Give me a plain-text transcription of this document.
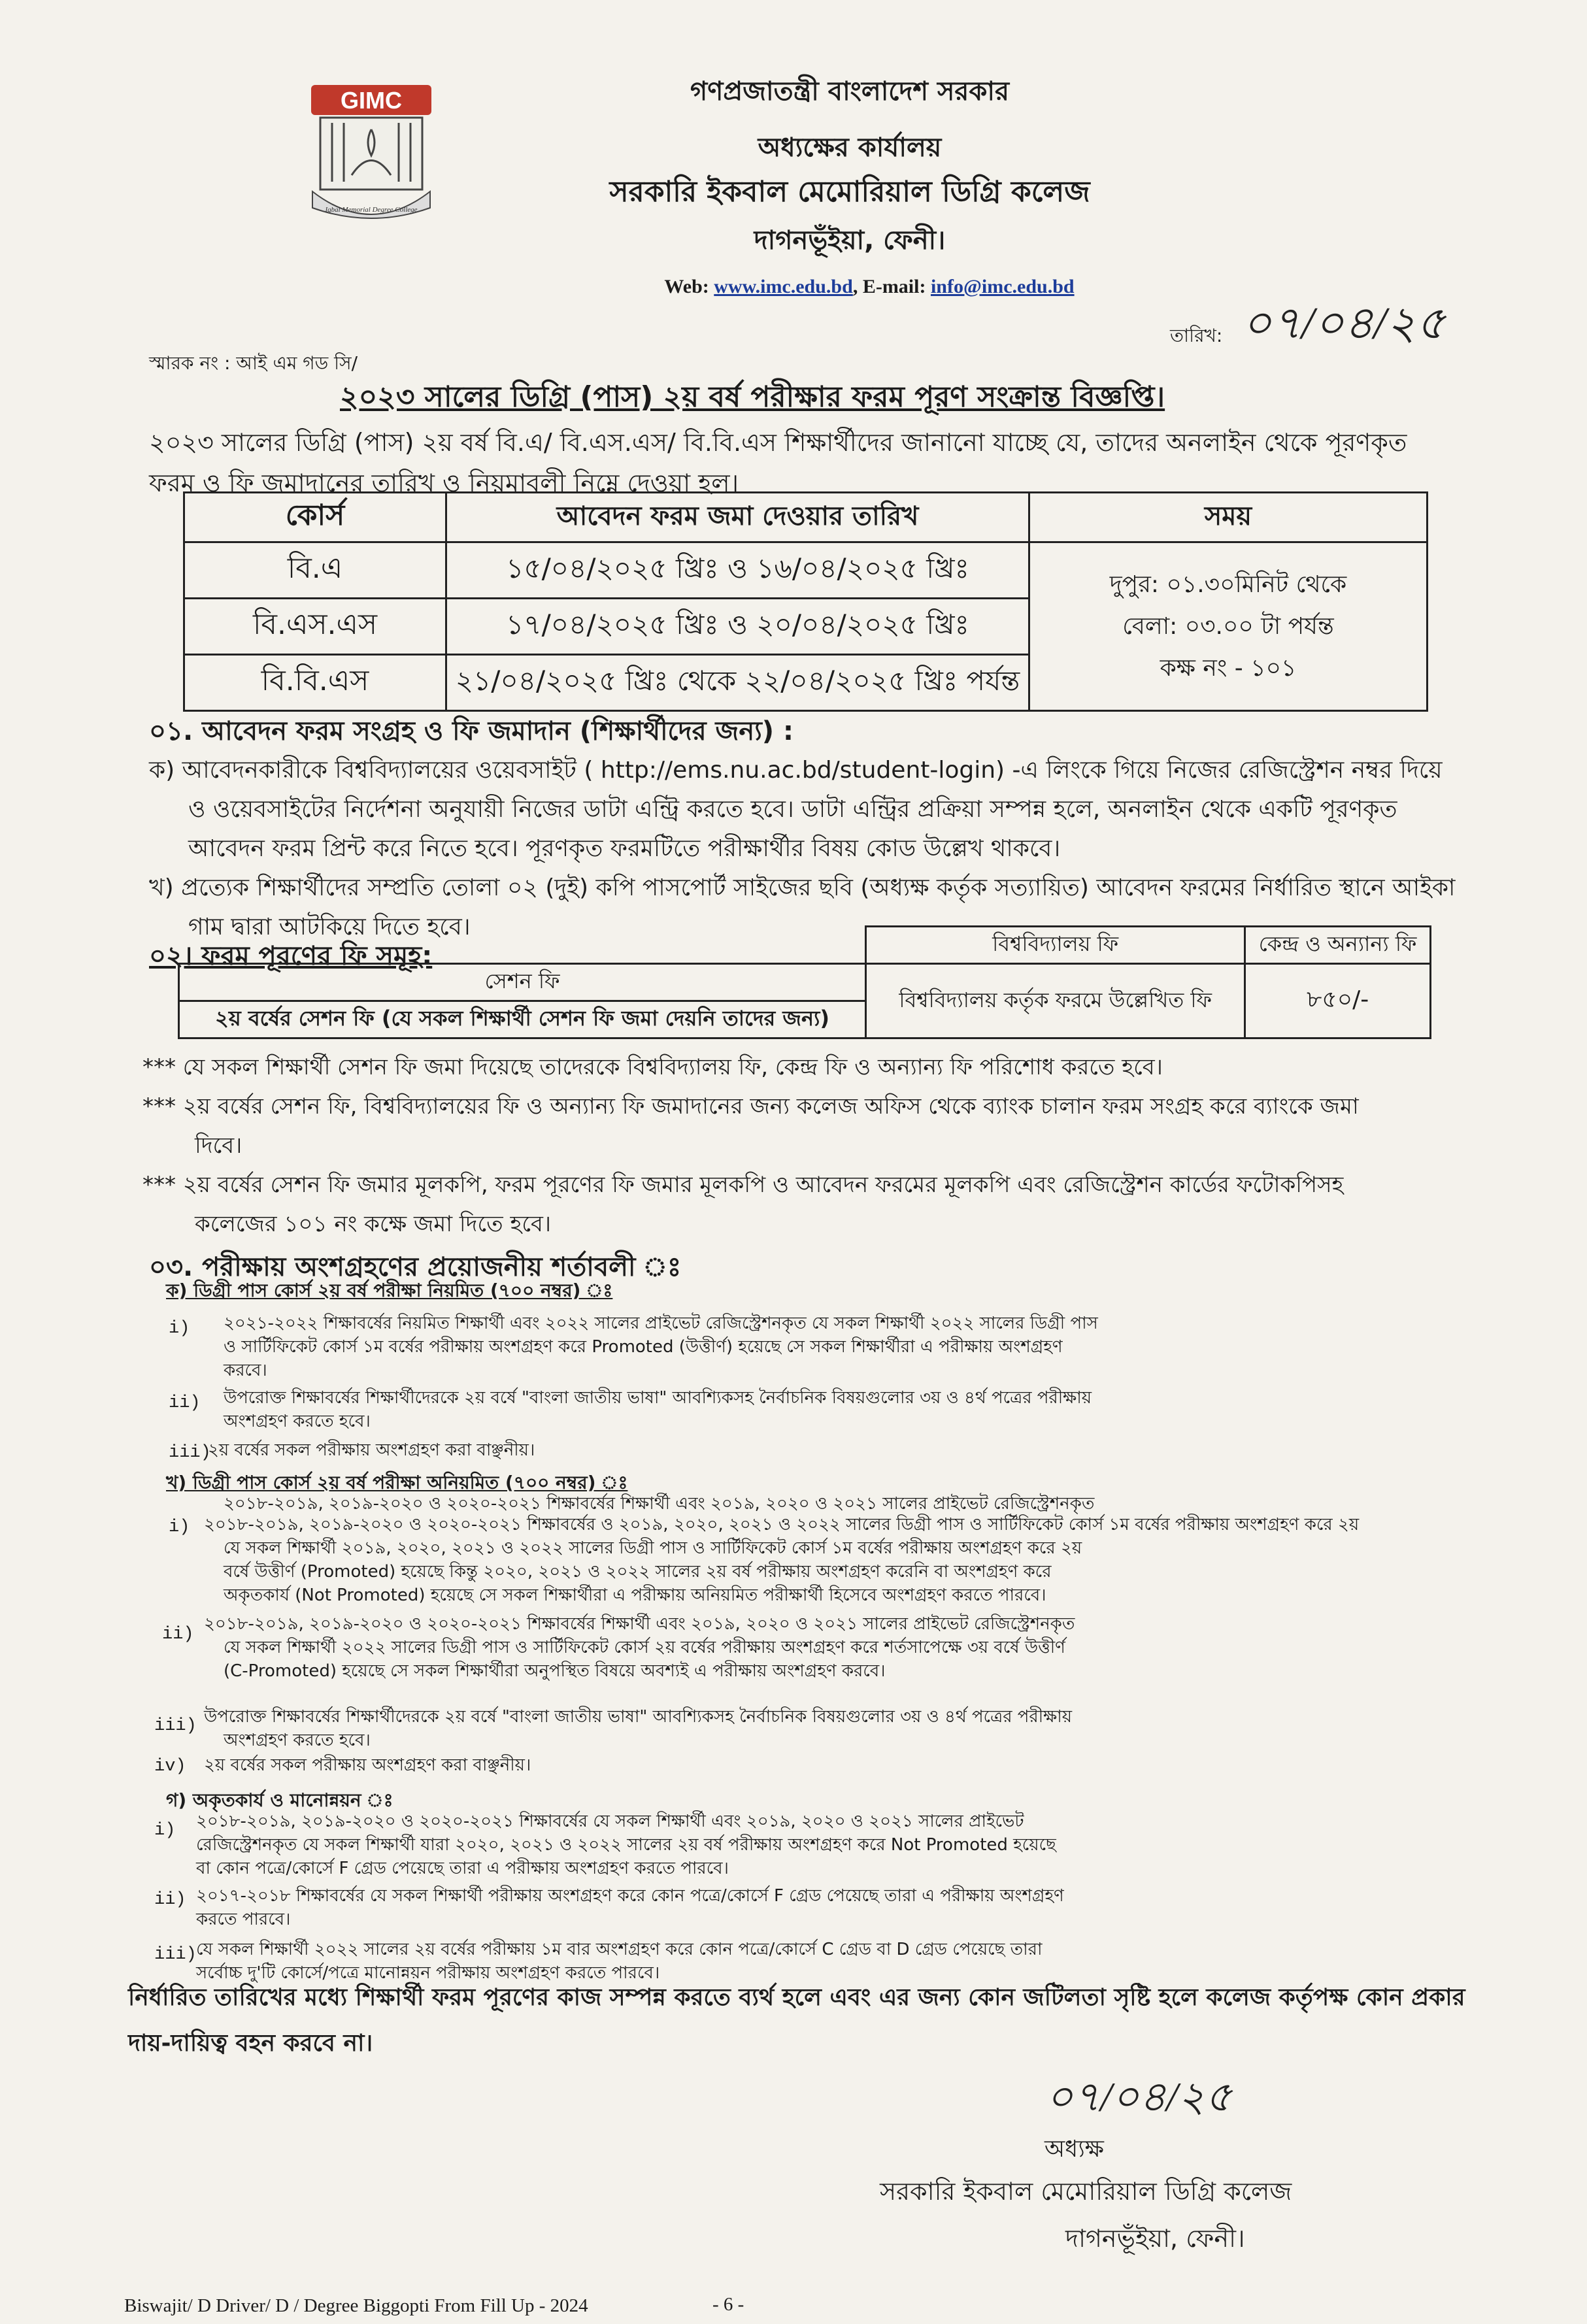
GIMC
Iqbal Memorial Degree College
গণপ্রজাতন্ত্রী বাংলাদেশ সরকার
অধ্যক্ষের কার্যালয়
সরকারি ইকবাল মেমোরিয়াল ডিগ্রি কলেজ
দাগনভূঁইয়া, ফেনী।
Web: www.imc.edu.bd, E-mail: info@imc.edu.bd
তারিখ: ০৭/০৪/২৫
স্মারক নং : আই এম গড সি/
২০২৩ সালের ডিগ্রি (পাস) ২য় বর্ষ পরীক্ষার ফরম পূরণ সংক্রান্ত বিজ্ঞপ্তি।
২০২৩ সালের ডিগ্রি (পাস) ২য় বর্ষ বি.এ/ বি.এস.এস/ বি.বি.এস শিক্ষার্থীদের জানানো যাচ্ছে যে, তাদের অনলাইন থেকে পূরণকৃত
ফরম ও ফি জমাদানের তারিখ ও নিয়মাবলী নিম্নে দেওয়া হল।
কোর্স	আবেদন ফরম জমা দেওয়ার তারিখ	সময়
বি.এ	১৫/০৪/২০২৫ খ্রিঃ ও ১৬/০৪/২০২৫ খ্রিঃ	দুপুর: ০১.৩০মিনিট থেকে
বেলা: ০৩.০০ টা পর্যন্ত
কক্ষ নং - ১০১

বি.এস.এস	১৭/০৪/২০২৫ খ্রিঃ ও ২০/০৪/২০২৫ খ্রিঃ	
বি.বি.এস	২১/০৪/২০২৫ খ্রিঃ থেকে ২২/০৪/২০২৫ খ্রিঃ পর্যন্ত	
০১. আবেদন ফরম সংগ্রহ ও ফি জমাদান (শিক্ষার্থীদের জন্য) :
ক) আবেদনকারীকে বিশ্ববিদ্যালয়ের ওয়েবসাইট ( http://ems.nu.ac.bd/student-login) -এ লিংকে গিয়ে নিজের রেজিস্ট্রেশন নম্বর দিয়ে
ও ওয়েবসাইটের নির্দেশনা অনুযায়ী নিজের ডাটা এন্ট্রি করতে হবে। ডাটা এন্ট্রির প্রক্রিয়া সম্পন্ন হলে, অনলাইন থেকে একটি পূরণকৃত
আবেদন ফরম প্রিন্ট করে নিতে হবে। পূরণকৃত ফরমটিতে পরীক্ষার্থীর বিষয় কোড উল্লেখ থাকবে।
খ) প্রত্যেক শিক্ষার্থীদের সম্প্রতি তোলা ০২ (দুই) কপি পাসপোর্ট সাইজের ছবি (অধ্যক্ষ কর্তৃক সত্যায়িত) আবেদন ফরমের নির্ধারিত স্থানে আইকা
গাম দ্বারা আটকিয়ে দিতে হবে।
০২। ফরম পূরণের ফি সমূহ:
		বিশ্ববিদ্যালয় ফি	কেন্দ্র ও অন্যান্য ফি
সেশন ফি	বিশ্ববিদ্যালয় কর্তৃক ফরমে উল্লেখিত ফি	৮৫০/-
২য় বর্ষের সেশন ফি (যে সকল শিক্ষার্থী সেশন ফি জমা দেয়নি তাদের জন্য)		
*** যে সকল শিক্ষার্থী সেশন ফি জমা দিয়েছে তাদেরকে বিশ্ববিদ্যালয় ফি, কেন্দ্র ফি ও অন্যান্য ফি পরিশোধ করতে হবে।
*** ২য় বর্ষের সেশন ফি, বিশ্ববিদ্যালয়ের ফি ও অন্যান্য ফি জমাদানের জন্য কলেজ অফিস থেকে ব্যাংক চালান ফরম সংগ্রহ করে ব্যাংকে জমা
দিবে।
*** ২য় বর্ষের সেশন ফি জমার মূলকপি, ফরম পূরণের ফি জমার মূলকপি ও আবেদন ফরমের মূলকপি এবং রেজিস্ট্রেশন কার্ডের ফটোকপিসহ
কলেজের ১০১ নং কক্ষে জমা দিতে হবে।
০৩. পরীক্ষায় অংশগ্রহণের প্রয়োজনীয় শর্তাবলী ঃ
ক) ডিগ্রী পাস কোর্স ২য় বর্ষ পরীক্ষা নিয়মিত (৭০০ নম্বর) ঃ
i) ২০২১-২০২২ শিক্ষাবর্ষের নিয়মিত শিক্ষার্থী এবং ২০২২ সালের প্রাইভেট রেজিস্ট্রেশনকৃত যে সকল শিক্ষার্থী ২০২২ সালের ডিগ্রী পাস
ও সার্টিফিকেট কোর্স ১ম বর্ষের পরীক্ষায় অংশগ্রহণ করে Promoted (উত্তীর্ণ) হয়েছে সে সকল শিক্ষার্থীরা এ পরীক্ষায় অংশগ্রহণ
করবে।
ii) উপরোক্ত শিক্ষাবর্ষের শিক্ষার্থীদেরকে ২য় বর্ষে "বাংলা জাতীয় ভাষা" আবশ্যিকসহ নৈর্বাচনিক বিষয়গুলোর ৩য় ও ৪র্থ পত্রের পরীক্ষায়
অংশগ্রহণ করতে হবে।
iii)
২য় বর্ষের সকল পরীক্ষায় অংশগ্রহণ করা বাঞ্ছনীয়।
খ) ডিগ্রী পাস কোর্স ২য় বর্ষ পরীক্ষা অনিয়মিত (৭০০ নম্বর) ঃ
২০১৮-২০১৯, ২০১৯-২০২০ ও ২০২০-২০২১ শিক্ষাবর্ষের শিক্ষার্থী এবং ২০১৯, ২০২০ ও ২০২১ সালের প্রাইভেট রেজিস্ট্রেশনকৃত
i) ২০১৮-২০১৯, ২০১৯-২০২০ ও ২০২০-২০২১ শিক্ষাবর্ষের ও ২০১৯, ২০২০, ২০২১ ও ২০২২ সালের ডিগ্রী পাস ও সার্টিফিকেট কোর্স ১ম বর্ষের পরীক্ষায় অংশগ্রহণ করে ২য়
যে সকল শিক্ষার্থী ২০১৯, ২০২০, ২০২১ ও ২০২২ সালের ডিগ্রী পাস ও সার্টিফিকেট কোর্স ১ম বর্ষের পরীক্ষায় অংশগ্রহণ করে ২য়
বর্ষে উত্তীর্ণ (Promoted) হয়েছে কিন্তু ২০২০, ২০২১ ও ২০২২ সালের ২য় বর্ষ পরীক্ষায় অংশগ্রহণ করেনি বা অংশগ্রহণ করে
অকৃতকার্য (Not Promoted) হয়েছে সে সকল শিক্ষার্থীরা এ পরীক্ষায় অনিয়মিত পরীক্ষার্থী হিসেবে অংশগ্রহণ করতে পারবে।
ii)
২০১৮-২০১৯, ২০১৯-২০২০ ও ২০২০-২০২১ শিক্ষাবর্ষের শিক্ষার্থী এবং ২০১৯, ২০২০ ও ২০২১ সালের প্রাইভেট রেজিস্ট্রেশনকৃত
যে সকল শিক্ষার্থী ২০২২ সালের ডিগ্রী পাস ও সার্টিফিকেট কোর্স ২য় বর্ষের পরীক্ষায় অংশগ্রহণ করে শর্তসাপেক্ষে ৩য় বর্ষে উত্তীর্ণ
(C-Promoted) হয়েছে সে সকল শিক্ষার্থীরা অনুপস্থিত বিষয়ে অবশ্যই এ পরীক্ষায় অংশগ্রহণ করবে।
iii) উপরোক্ত শিক্ষাবর্ষের শিক্ষার্থীদেরকে ২য় বর্ষে "বাংলা জাতীয় ভাষা" আবশ্যিকসহ নৈর্বাচনিক বিষয়গুলোর ৩য় ও ৪র্থ পত্রের পরীক্ষায়
অংশগ্রহণ করতে হবে।
iv) ২য় বর্ষের সকল পরীক্ষায় অংশগ্রহণ করা বাঞ্ছনীয়।
গ) অকৃতকার্য ও মানোন্নয়ন ঃ
i) ২০১৮-২০১৯, ২০১৯-২০২০ ও ২০২০-২০২১ শিক্ষাবর্ষের যে সকল শিক্ষার্থী এবং ২০১৯, ২০২০ ও ২০২১ সালের প্রাইভেট
রেজিস্ট্রেশনকৃত যে সকল শিক্ষার্থী যারা ২০২০, ২০২১ ও ২০২২ সালের ২য় বর্ষ পরীক্ষায় অংশগ্রহণ করে Not Promoted হয়েছে
বা কোন পত্রে/কোর্সে F গ্রেড পেয়েছে তারা এ পরীক্ষায় অংশগ্রহণ করতে পারবে।
ii) ২০১৭-২০১৮ শিক্ষাবর্ষের যে সকল শিক্ষার্থী পরীক্ষায় অংশগ্রহণ করে কোন পত্রে/কোর্সে F গ্রেড পেয়েছে তারা এ পরীক্ষায় অংশগ্রহণ
করতে পারবে।
iii) যে সকল শিক্ষার্থী ২০২২ সালের ২য় বর্ষের পরীক্ষায় ১ম বার অংশগ্রহণ করে কোন পত্রে/কোর্সে C গ্রেড বা D গ্রেড পেয়েছে তারা
সর্বোচ্চ দু'টি কোর্সে/পত্রে মানোন্নয়ন পরীক্ষায় অংশগ্রহণ করতে পারবে।
নির্ধারিত তারিখের মধ্যে শিক্ষার্থী ফরম পূরণের কাজ সম্পন্ন করতে ব্যর্থ হলে এবং এর জন্য কোন জটিলতা সৃষ্টি হলে কলেজ কর্তৃপক্ষ কোন প্রকার
দায়-দায়িত্ব বহন করবে না।
০৭/০৪/২৫
অধ্যক্ষ
সরকারি ইকবাল মেমোরিয়াল ডিগ্রি কলেজ
দাগনভূঁইয়া, ফেনী।
Biswajit/ D Driver/ D / Degree Biggopti From Fill Up - 2024	- 6 -
